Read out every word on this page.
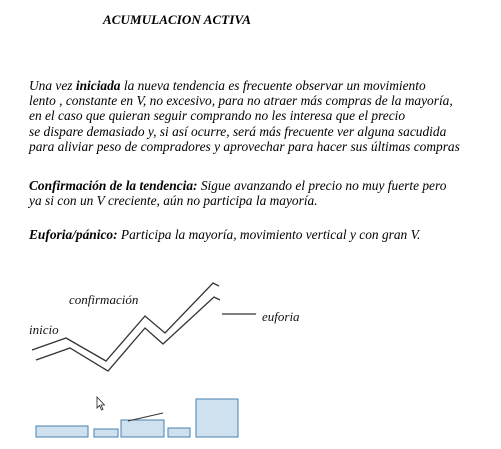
ACUMULACION ACTIVA
Una vez iniciada la nueva tendencia es frecuente observar un movimiento
lento , constante en V, no excesivo, para no atraer más compras de la mayoría,
en el caso que quieran seguir comprando no les interesa que el precio
se dispare demasiado y, si así ocurre, será más frecuente ver alguna sacudida
para aliviar peso de compradores y aprovechar para hacer sus últimas compras
Confirmación de la tendencia: Sigue avanzando el precio no muy fuerte pero
ya si con un V creciente, aún no participa la mayoría.
Euforia/pánico: Participa la mayoría, movimiento vertical y con gran V.
inicio
confirmación
euforia
